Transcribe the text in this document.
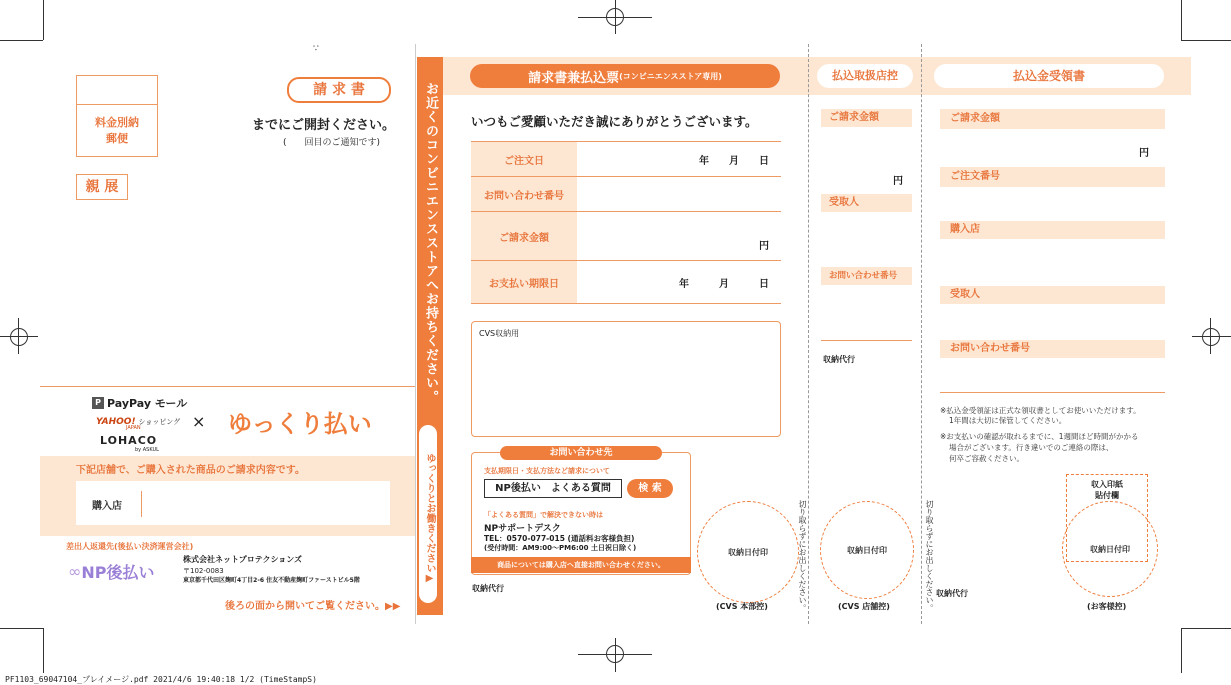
料金別納
郵便
親 展
∵
請 求 書
までにご開封ください。
(　　回目のご通知です)
P PayPay モール
YAHOO! ショッピング
JAPAN
LOHACO
by ASKUL
× ゆっくり払い
下記店舗で、ご購入された商品のご請求内容です。
購入店
差出人返還先(後払い決済運営会社)
∞ NP後払い
株式会社ネットプロテクションズ
〒102-0083
東京都千代田区麹町4丁目2-6 住友不動産麹町ファーストビル5階
後ろの面から開いてご覧ください。▶▶
お近くのコンビニエンスストアへお持ちください。
ゆっくりとお働きください▶
請求書兼払込票 (コンビニエンスストア専用)
いつもご愛顧いただき誠にありがとうございます。
ご注文日	年　　月　　日
お問い合わせ番号
ご請求金額
円
お支払い期限日	年　　　月　　　日
CVS収納用
お問い合わせ先
支払期限日・支払方法など請求について
NP後払い　よくある質問	検 索
「よくある質問」で解決できない時は
NPサポートデスク
TEL：0570-077-015 (通話料お客様負担)
(受付時間：AM9:00〜PM6:00 土日祝日除く)
商品については購入店へ直接お問い合わせください。
収納代行
収納日付印
(CVS 本部控)	切り取らずにお出しください。
払込取扱店控
ご請求金額
円
受取人
お問い合わせ番号
収納代行
収納日付印
(CVS 店舗控)	切り取らずにお出しください。
払込金受領書
ご請求金額
円
ご注文番号
購入店
受取人
お問い合わせ番号
※払込金受領証は正式な領収書としてお使いいただけます。
1年間は大切に保管してください。
※お支払いの確認が取れるまでに、1週間ほど時間がかかる
場合がございます。行き違いでのご連絡の際は、
何卒ご容赦ください。
収入印紙
貼付欄
収納日付印
(お客様控)
収納代行
PF1103_69047104_プレイメージ.pdf 2021/4/6 19:40:18 1/2 (TimeStampS)
